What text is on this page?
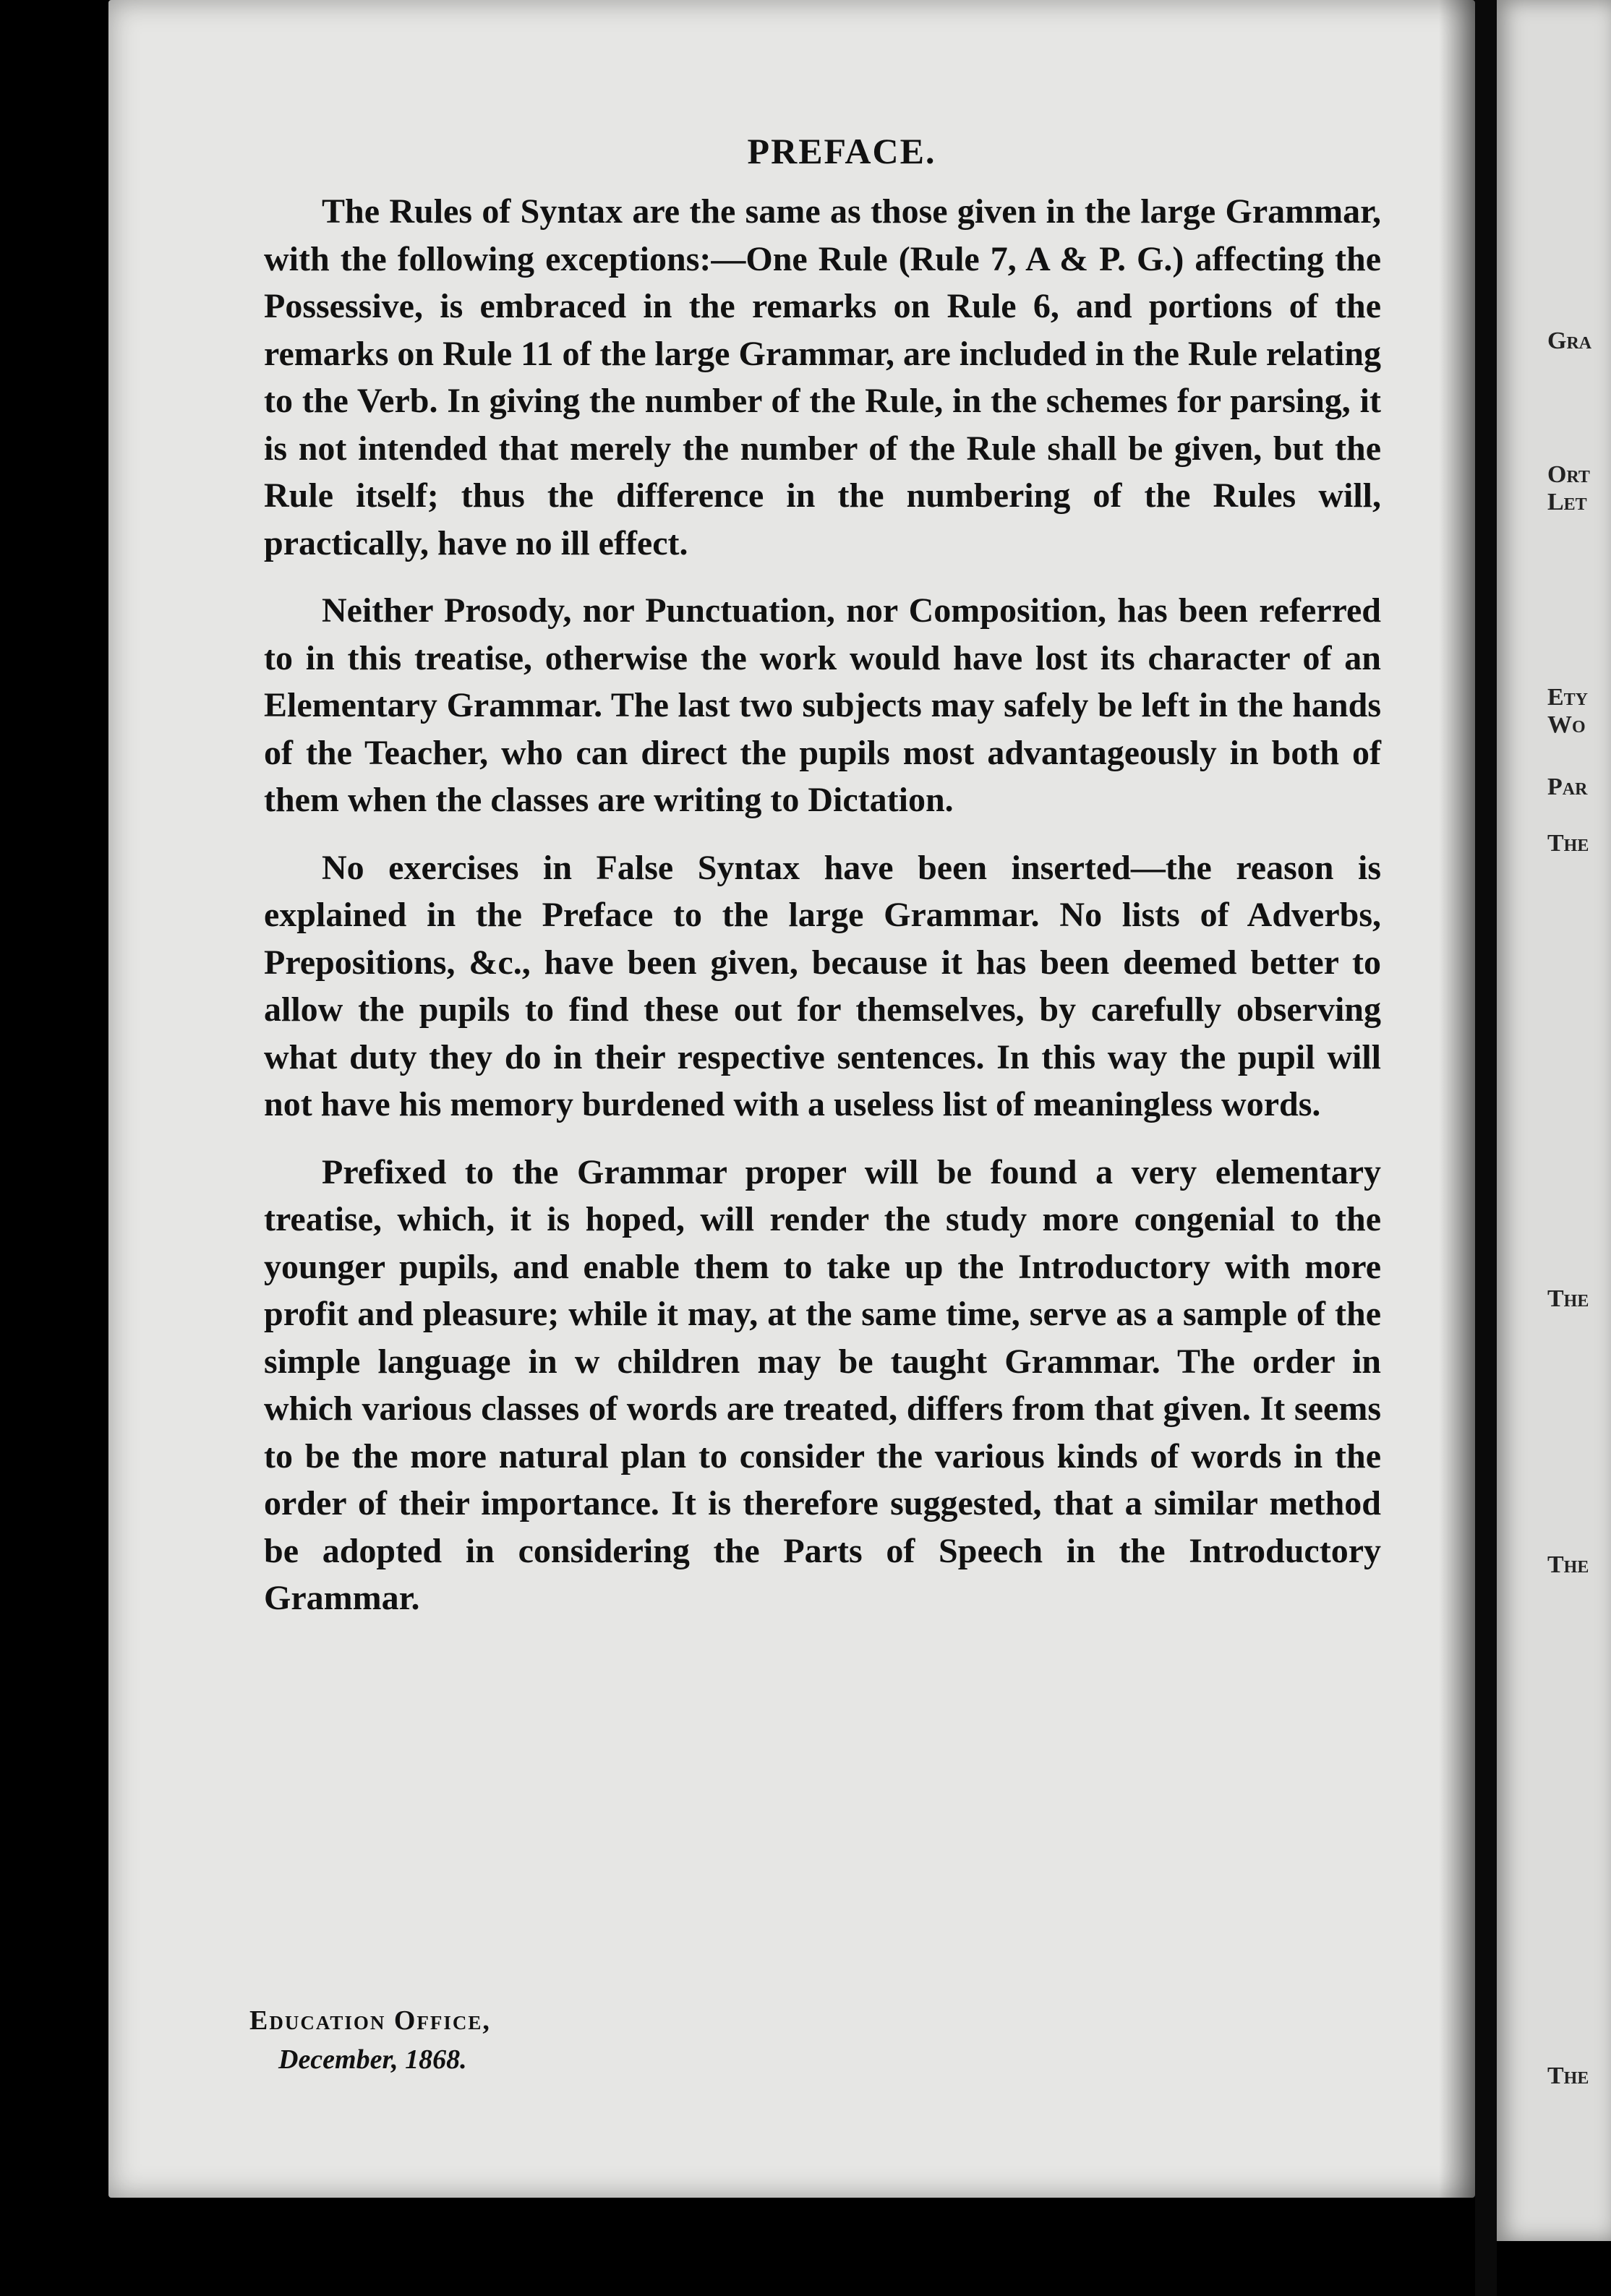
PREFACE.

The Rules of Syntax are the same as those given in the large Grammar, with the following exceptions:—One Rule (Rule 7, A & P. G.) affecting the Possessive, is embraced in the remarks on Rule 6, and portions of the remarks on Rule 11 of the large Grammar, are included in the Rule relating to the Verb. In giving the number of the Rule, in the schemes for parsing, it is not intended that merely the number of the Rule shall be given, but the Rule itself; thus the difference in the numbering of the Rules will, practically, have no ill effect.

Neither Prosody, nor Punctuation, nor Composition, has been referred to in this treatise, otherwise the work would have lost its character of an Elementary Grammar. The last two subjects may safely be left in the hands of the Teacher, who can direct the pupils most advantageously in both of them when the classes are writing to Dictation.

No exercises in False Syntax have been inserted—the reason is explained in the Preface to the large Grammar. No lists of Adverbs, Prepositions, &c., have been given, because it has been deemed better to allow the pupils to find these out for themselves, by carefully observing what duty they do in their respective sentences. In this way the pupil will not have his memory burdened with a useless list of meaningless words.

Prefixed to the Grammar proper will be found a very elementary treatise, which, it is hoped, will render the study more congenial to the younger pupils, and enable them to take up the Introductory with more profit and pleasure; while it may, at the same time, serve as a sample of the simple language in w children may be taught Grammar. The order in which various classes of words are treated, differs from that given. It seems to be the more natural plan to consider the various kinds of words in the order of their importance. It is therefore suggested, that a similar method be adopted in considering the Parts of Speech in the Introductory Grammar.

Education Office,
December, 1868.
Gra
Ort
Let
Ety
Wo
Par
The
The
The
The
